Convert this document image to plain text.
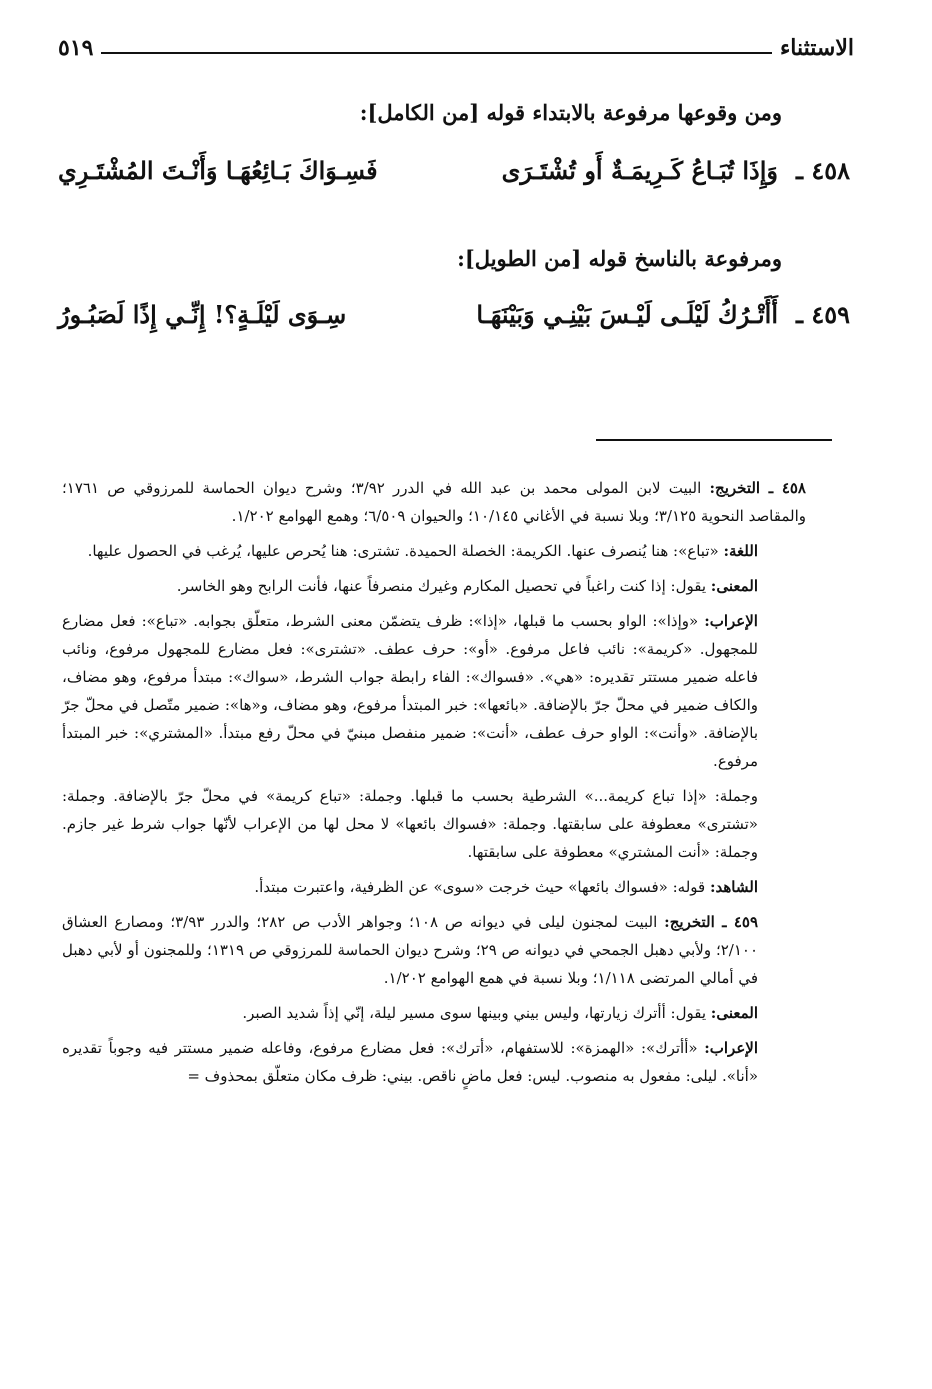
الاستثناء
٥١٩
ومن وقوعها مرفوعة بالابتداء قوله [من الكامل]:
٤٥٨ ـ
وَإِذَا تُبَـاعُ كَـرِيمَـةٌ أَو تُشْتَـرَى
فَسِـوَاكَ بَـائِعُهَـا وَأَنْـتَ المُشْتَـرِي
ومرفوعة بالناسخ قوله [من الطويل]:
٤٥٩ ـ
أَأَتْـرُكُ لَيْلَـى لَيْـسَ بَيْنِـي وَبَيْنَهَـا
سِـوَى لَيْلَـةٍ؟! إِنِّـي إِذًا لَصَبُـورُ

٤٥٨ ـ التخريج: البيت لابن المولى محمد بن عبد الله في الدرر ٣/٩٢؛ وشرح ديوان الحماسة للمرزوقي ص ١٧٦١؛ والمقاصد النحوية ٣/١٢٥؛ وبلا نسبة في الأغاني ١٠/١٤٥؛ والحيوان ٦/٥٠٩؛ وهمع الهوامع ١/٢٠٢.

اللغة: «تباع»: هنا يُنصرف عنها. الكريمة: الخصلة الحميدة. تشترى: هنا يُحرص عليها، يُرغب في الحصول عليها.

المعنى: يقول: إذا كنت راغباً في تحصيل المكارم وغيرك منصرفاً عنها، فأنت الرابح وهو الخاسر.

الإعراب: «وإذا»: الواو بحسب ما قبلها، «إذا»: ظرف يتضمّن معنى الشرط، متعلّق بجوابه. «تباع»: فعل مضارع للمجهول. «كريمة»: نائب فاعل مرفوع. «أو»: حرف عطف. «تشترى»: فعل مضارع للمجهول مرفوع، ونائب فاعله ضمير مستتر تقديره: «هي». «فسواك»: الفاء رابطة جواب الشرط، «سواك»: مبتدأ مرفوع، وهو مضاف، والكاف ضمير في محلّ جرّ بالإضافة. «بائعها»: خبر المبتدأ مرفوع، وهو مضاف، و«ها»: ضمير متّصل في محلّ جرّ بالإضافة. «وأنت»: الواو حرف عطف، «أنت»: ضمير منفصل مبنيّ في محلّ رفع مبتدأ. «المشتري»: خبر المبتدأ مرفوع.

وجملة: «إذا تباع كريمة...» الشرطية بحسب ما قبلها. وجملة: «تباع كريمة» في محلّ جرّ بالإضافة. وجملة: «تشترى» معطوفة على سابقتها. وجملة: «فسواك بائعها» لا محل لها من الإعراب لأنّها جواب شرط غير جازم. وجملة: «أنت المشتري» معطوفة على سابقتها.

الشاهد: قوله: «فسواك بائعها» حيث خرجت «سوى» عن الظرفية، واعتبرت مبتدأ.

٤٥٩ ـ التخريج: البيت لمجنون ليلى في ديوانه ص ١٠٨؛ وجواهر الأدب ص ٢٨٢؛ والدرر ٣/٩٣؛ ومصارع العشاق ٢/١٠٠؛ ولأبي دهبل الجمحي في ديوانه ص ٢٩؛ وشرح ديوان الحماسة للمرزوقي ص ١٣١٩؛ وللمجنون أو لأبي دهبل في أمالي المرتضى ١/١١٨؛ وبلا نسبة في همع الهوامع ١/٢٠٢.

المعنى: يقول: أأترك زيارتها، وليس بيني وبينها سوى مسير ليلة، إنّي إذاً شديد الصبر.

الإعراب: «أأترك»: «الهمزة»: للاستفهام، «أترك»: فعل مضارع مرفوع، وفاعله ضمير مستتر فيه وجوباً تقديره «أنا». ليلى: مفعول به منصوب. ليس: فعل ماضٍ ناقص. بيني: ظرف مكان متعلّق بمحذوف =
